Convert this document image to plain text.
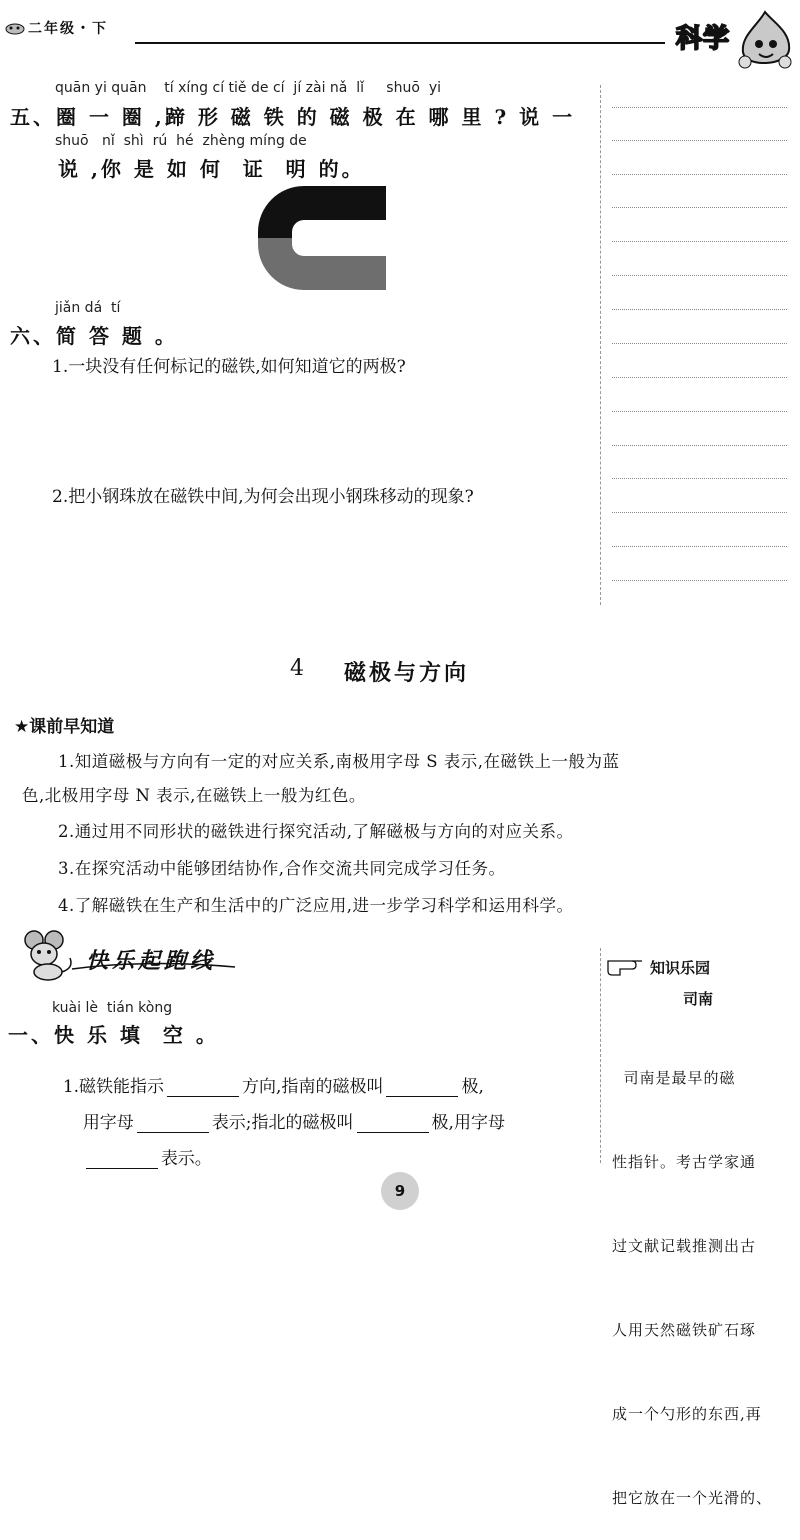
二年级・下	科学
quān yi quān    tí xíng cí tiě de cí  jí zài nǎ  lǐ     shuō  yi
五、圈 一 圈 ,蹄 形 磁 铁 的 磁 极 在 哪 里 ? 说 一
shuō   nǐ  shì  rú  hé  zhèng míng de
说 ,你 是 如 何  证  明 的。
jiǎn dá  tí
六、简 答 题 。
1.一块没有任何标记的磁铁,如何知道它的两极?
2.把小钢珠放在磁铁中间,为何会出现小钢珠移动的现象?
4 磁极与方向
★课前早知道
1.知道磁极与方向有一定的对应关系,南极用字母 S 表示,在磁铁上一般为蓝
色,北极用字母 N 表示,在磁铁上一般为红色。
2.通过用不同形状的磁铁进行探究活动,了解磁极与方向的对应关系。
3.在探究活动中能够团结协作,合作交流共同完成学习任务。
4.了解磁铁在生产和生活中的广泛应用,进一步学习科学和运用科学。
快乐起跑线
kuài lè  tián kòng
一、快 乐 填  空 。

1.磁铁能指示	方向,指南的磁极叫	极,

用字母	表示;指北的磁极叫	极,用字母

表示。

知识乐园
司南

司南是最早的磁

性指针。考古学家通

过文献记载推测出古

人用天然磁铁矿石琢

成一个勺形的东西,再

把它放在一个光滑的、

9
